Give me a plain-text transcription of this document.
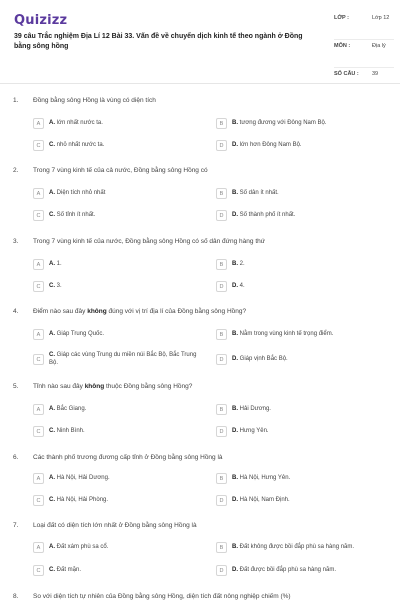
Quizizz
39 câu Trắc nghiệm Địa Lí 12 Bài 33. Vấn đề về chuyển dịch kinh tế theo ngành ở Đồng bằng sông hồng
LỚP :	Lớp 12
MÔN :	Địa lý
SỐ CÂU : 39
1. Đồng bằng sông Hồng là vùng có diện tích
A	A. lớn nhất nước ta.	B	B. tương đương với Đông Nam Bộ.
C	C. nhỏ nhất nước ta.	D	D. lớn hơn Đông Nam Bộ.
2. Trong 7 vùng kinh tế của cả nước, Đồng bằng sông Hồng có
A	A. Diện tích nhỏ nhất	B	B. Số dân ít nhất.
C	C. Số tỉnh ít nhất.	D	D. Số thành phố ít nhất.
3. Trong 7 vùng kinh tế của nước, Đồng bằng sông Hồng có số dân đứng hàng thứ
A	A. 1.	B	B. 2.
C	C. 3.	D	D. 4.
4. Điểm nào sau đây không đúng với vị trí địa lí của Đồng bằng sông Hồng?
A	A. Giáp Trung Quốc.	B	B. Nằm trong vùng kinh tế trọng điểm.
C
C. Giáp các vùng Trung du miền núi Bắc Bộ, Bắc Trung Bộ.	D	D. Giáp vịnh Bắc Bộ.
5. Tỉnh nào sau đây không thuộc Đồng bằng sông Hồng?
A	A. Bắc Giang.	B	B. Hải Dương.
C	C. Ninh Bình.	D	D. Hưng Yên.
6. Các thành phố trương đương cấp tỉnh ở Đồng bằng sông Hồng là
A	A. Hà Nội, Hải Dương.	B	B. Hà Nội, Hưng Yên.
C	C. Hà Nội, Hải Phòng.	D	D. Hà Nội, Nam Định.
7. Loại đất có diện tích lớn nhất ở Đồng bằng sông Hồng là
A	A. Đất xám phù sa cổ.	B	B. Đất không được bồi đắp phù sa hàng năm.
C	C. Đất mặn.	D	D. Đất được bồi đắp phù sa hàng năm.
8. So với diện tích tự nhiên của Đồng bằng sông Hồng, diện tích đất nông nghiệp chiếm (%)
